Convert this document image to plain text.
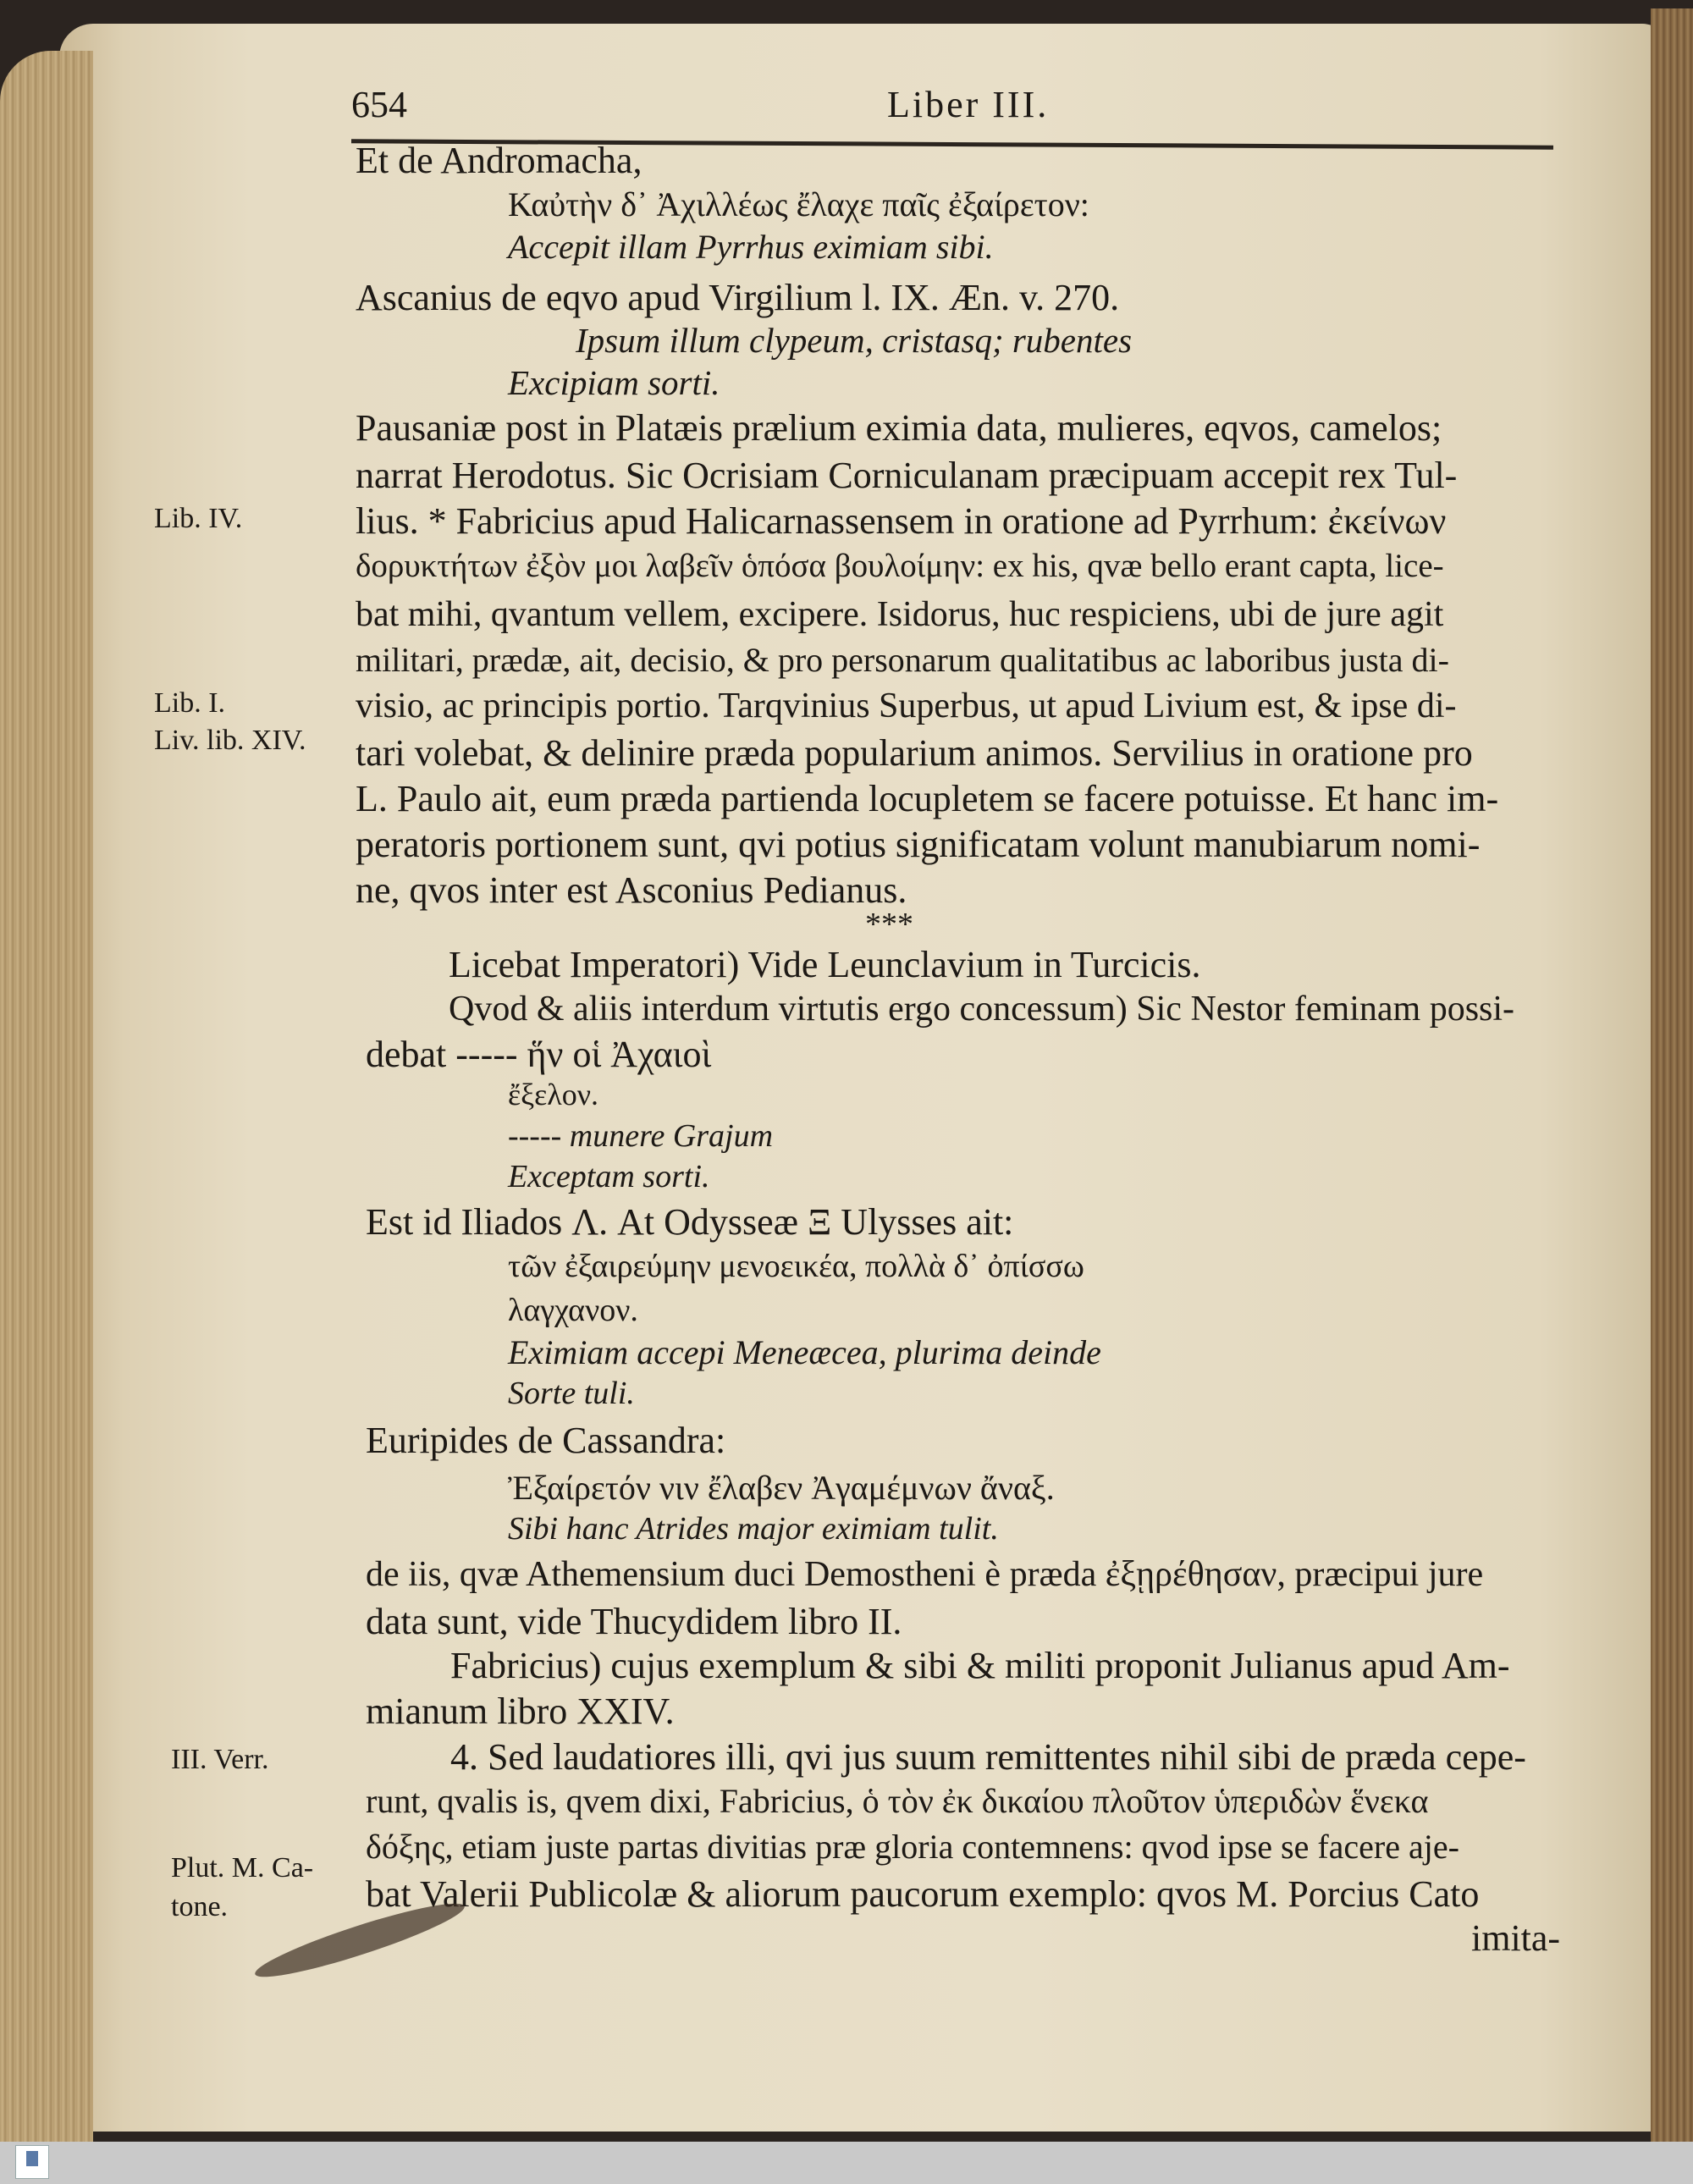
654	Liber III.
Et de Andromacha,
Καὐτὴν δ᾽ Ἀχιλλέως ἔλαχε παῖς ἐξαίρετον:
Accepit illam Pyrrhus eximiam sibi.
Ascanius de eqvo apud Virgilium l. IX. Æn. v. 270.
Ipsum illum clypeum, cristasq; rubentes
Excipiam sorti.
Pausaniæ post in Platæis prælium eximia data, mulieres, eqvos, camelos;
narrat Herodotus. Sic Ocrisiam Corniculanam præcipuam accepit rex Tul-
lius. * Fabricius apud Halicarnassensem in oratione ad Pyrrhum: ἐκείνων
δορυκτήτων ἐξὸν μοι λαβεῖν ὁπόσα βουλοίμην: ex his, qvæ bello erant capta, lice-
bat mihi, qvantum vellem, excipere. Isidorus, huc respiciens, ubi de jure agit
militari, prædæ, ait, decisio, & pro personarum qualitatibus ac laboribus justa di-
visio, ac principis portio. Tarqvinius Superbus, ut apud Livium est, & ipse di-
tari volebat, & delinire præda popularium animos. Servilius in oratione pro
L. Paulo ait, eum præda partienda locupletem se facere potuisse. Et hanc im-
peratoris portionem sunt, qvi potius significatam volunt manubiarum nomi-
ne, qvos inter est Asconius Pedianus.
***
Licebat Imperatori) Vide Leunclavium in Turcicis.
Qvod & aliis interdum virtutis ergo concessum) Sic Nestor feminam possi-
debat ----- ἥν οἱ Ἀχαιοὶ
ἔξελον.
----- munere Grajum
Exceptam sorti.
Est id Iliados Λ. At Odysseæ Ξ Ulysses ait:
τῶν ἐξαιρεύμην μενοεικέα, πολλὰ δ᾽ ὀπίσσω
λαγχανον.
Eximiam accepi Meneæcea, plurima deinde
Sorte tuli.
Euripides de Cassandra:
Ἐξαίρετόν νιν ἔλαβεν Ἀγαμέμνων ἄναξ.
Sibi hanc Atrides major eximiam tulit.
de iis, qvæ Athemensium duci Demostheni è præda ἐξῃρέθησαν, præcipui jure
data sunt, vide Thucydidem libro II.
Fabricius) cujus exemplum & sibi & militi proponit Julianus apud Am-
mianum libro XXIV.
4. Sed laudatiores illi, qvi jus suum remittentes nihil sibi de præda cepe-
runt, qvalis is, qvem dixi, Fabricius, ὁ τὸν ἐκ δικαίου πλοῦτον ὑπεριδὼν ἕνεκα
δόξης, etiam juste partas divitias præ gloria contemnens: qvod ipse se facere aje-
bat Valerii Publicolæ & aliorum paucorum exemplo: qvos M. Porcius Cato
imita-
Lib. IV.
Lib. I.
Liv. lib. XIV.
III. Verr.
Plut. M. Ca-
tone.
